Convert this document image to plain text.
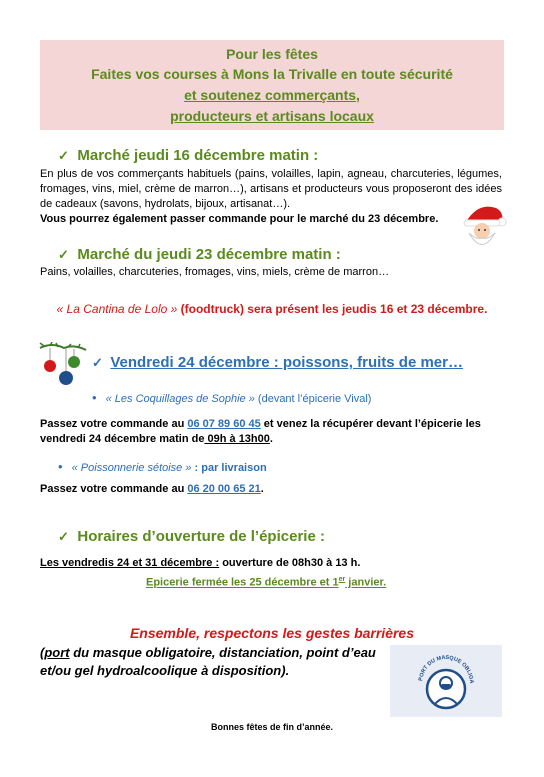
Pour les fêtes
Faites vos courses à Mons la Trivalle en toute sécurité
et soutenez commerçants,
producteurs et artisans locaux
✓ Marché jeudi 16 décembre matin :
En plus de vos commerçants habituels (pains, volailles, lapin, agneau, charcuteries, légumes, fromages, vins, miel, crème de marron…), artisans et producteurs vous proposeront des idées de cadeaux (savons, hydrolats, bijoux, artisanat…).
Vous pourrez également passer commande pour le marché du 23 décembre.
✓ Marché du jeudi 23 décembre matin :
Pains, volailles, charcuteries, fromages, vins, miels, crème de marron…
« La Cantina de Lolo » (foodtruck) sera présent les jeudis 16 et 23 décembre.
✓ Vendredi 24 décembre : poissons, fruits de mer…
• « Les Coquillages de Sophie » (devant l’épicerie Vival)
Passez votre commande au 06 07 89 60 45 et venez la récupérer devant l’épicerie les
vendredi 24 décembre matin de 09h à 13h00.
• « Poissonnerie sétoise » : par livraison
Passez votre commande au 06 20 00 65 21.
✓ Horaires d’ouverture de l’épicerie :
Les vendredis 24 et 31 décembre : ouverture de 08h30 à 13 h.
Epicerie fermée les 25 décembre et 1er janvier.
Ensemble, respectons les gestes barrières
(port du masque obligatoire, distanciation, point d’eau
et/ou gel hydroalcoolique à disposition).
PORT DU MASQUE OBLIGA
Bonnes fêtes de fin d’année.
